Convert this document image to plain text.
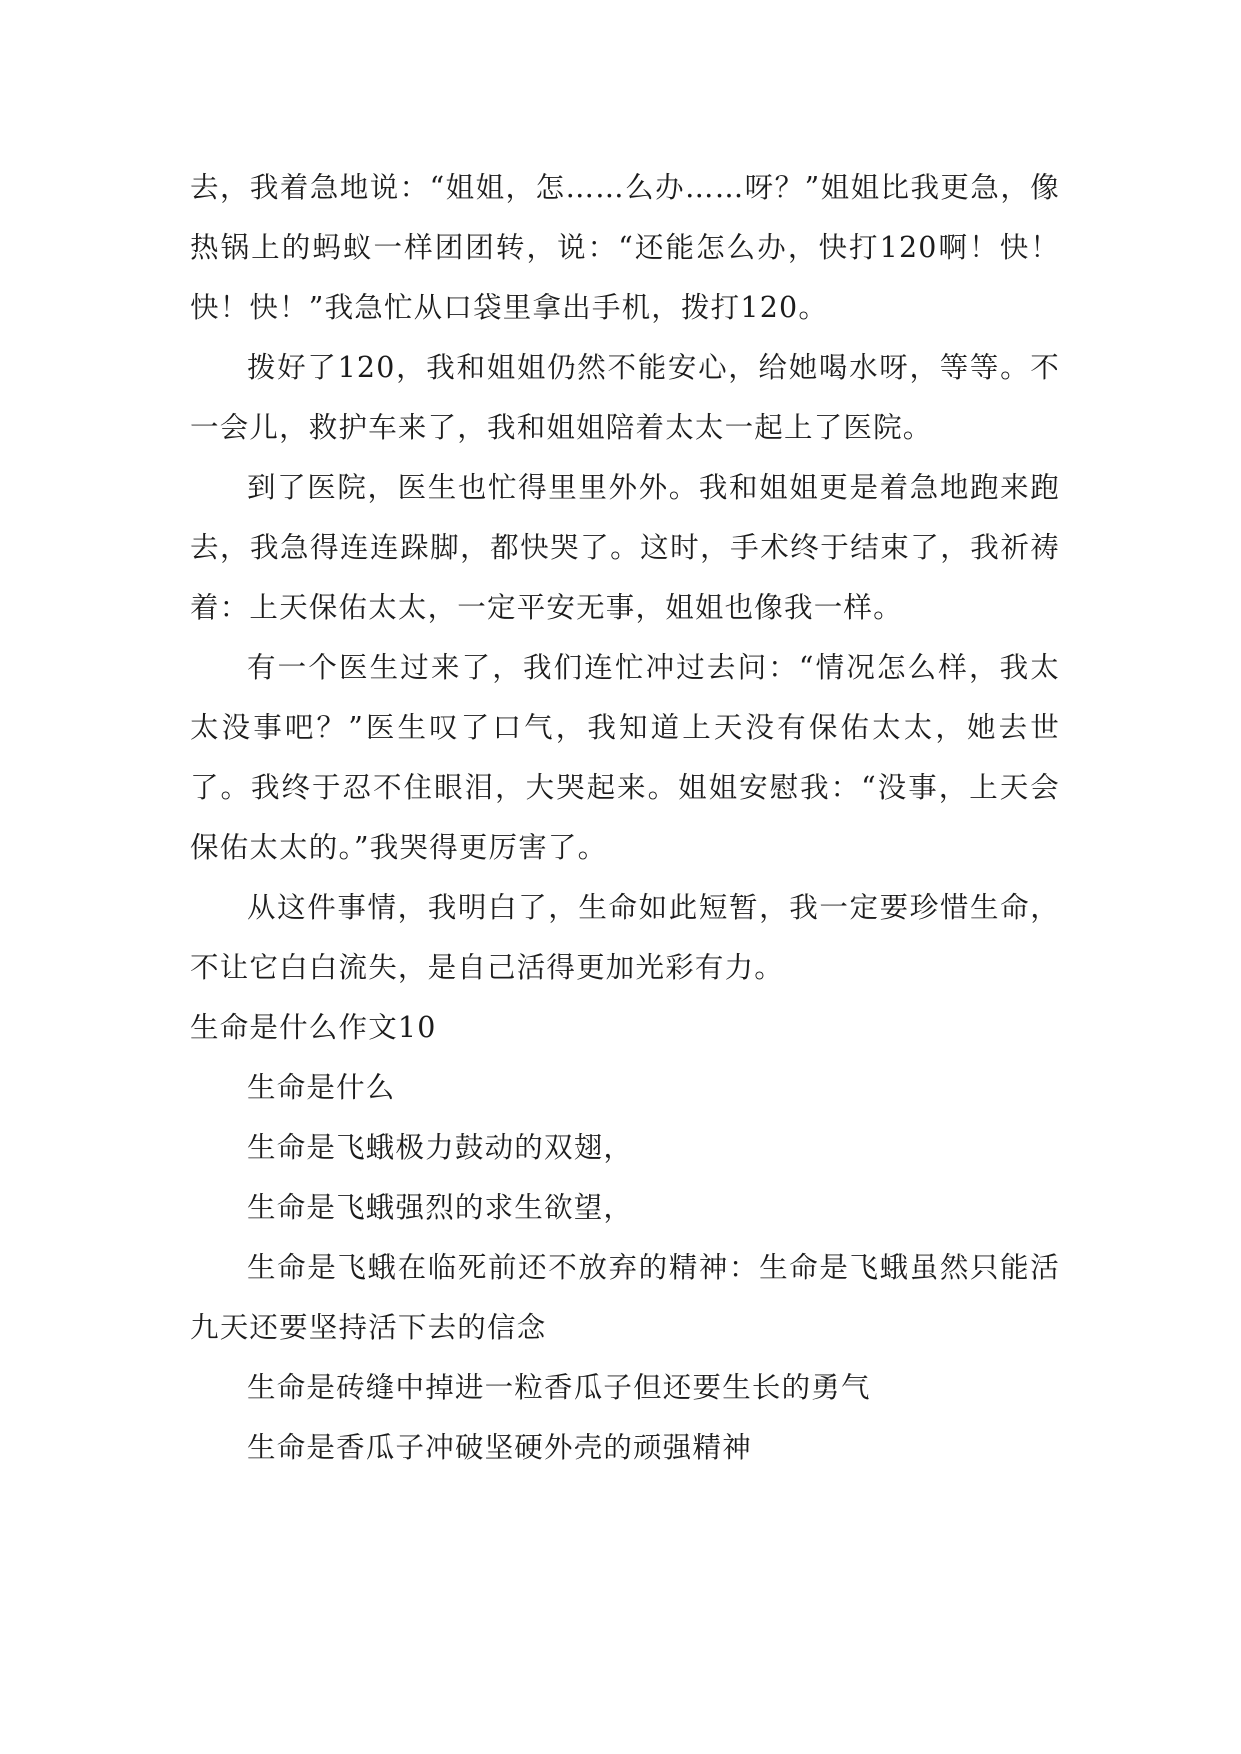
去，我着急地说：“姐姐，怎……么办……呀？”姐姐比我更急，像热锅上的蚂蚁一样团团转，说：“还能怎么办，快打120啊！快！快！快！”我急忙从口袋里拿出手机，拨打120。

拨好了120，我和姐姐仍然不能安心，给她喝水呀，等等。不一会儿，救护车来了，我和姐姐陪着太太一起上了医院。

到了医院，医生也忙得里里外外。我和姐姐更是着急地跑来跑去，我急得连连跺脚，都快哭了。这时，手术终于结束了，我祈祷着：上天保佑太太，一定平安无事，姐姐也像我一样。

有一个医生过来了，我们连忙冲过去问：“情况怎么样，我太太没事吧？”医生叹了口气，我知道上天没有保佑太太，她去世了。我终于忍不住眼泪，大哭起来。姐姐安慰我：“没事，上天会保佑太太的。”我哭得更厉害了。

从这件事情，我明白了，生命如此短暂，我一定要珍惜生命，不让它白白流失，是自己活得更加光彩有力。

生命是什么作文10

生命是什么

生命是飞蛾极力鼓动的双翅，

生命是飞蛾强烈的求生欲望，

生命是飞蛾在临死前还不放弃的精神：生命是飞蛾虽然只能活九天还要坚持活下去的信念

生命是砖缝中掉进一粒香瓜子但还要生长的勇气

生命是香瓜子冲破坚硬外壳的顽强精神
